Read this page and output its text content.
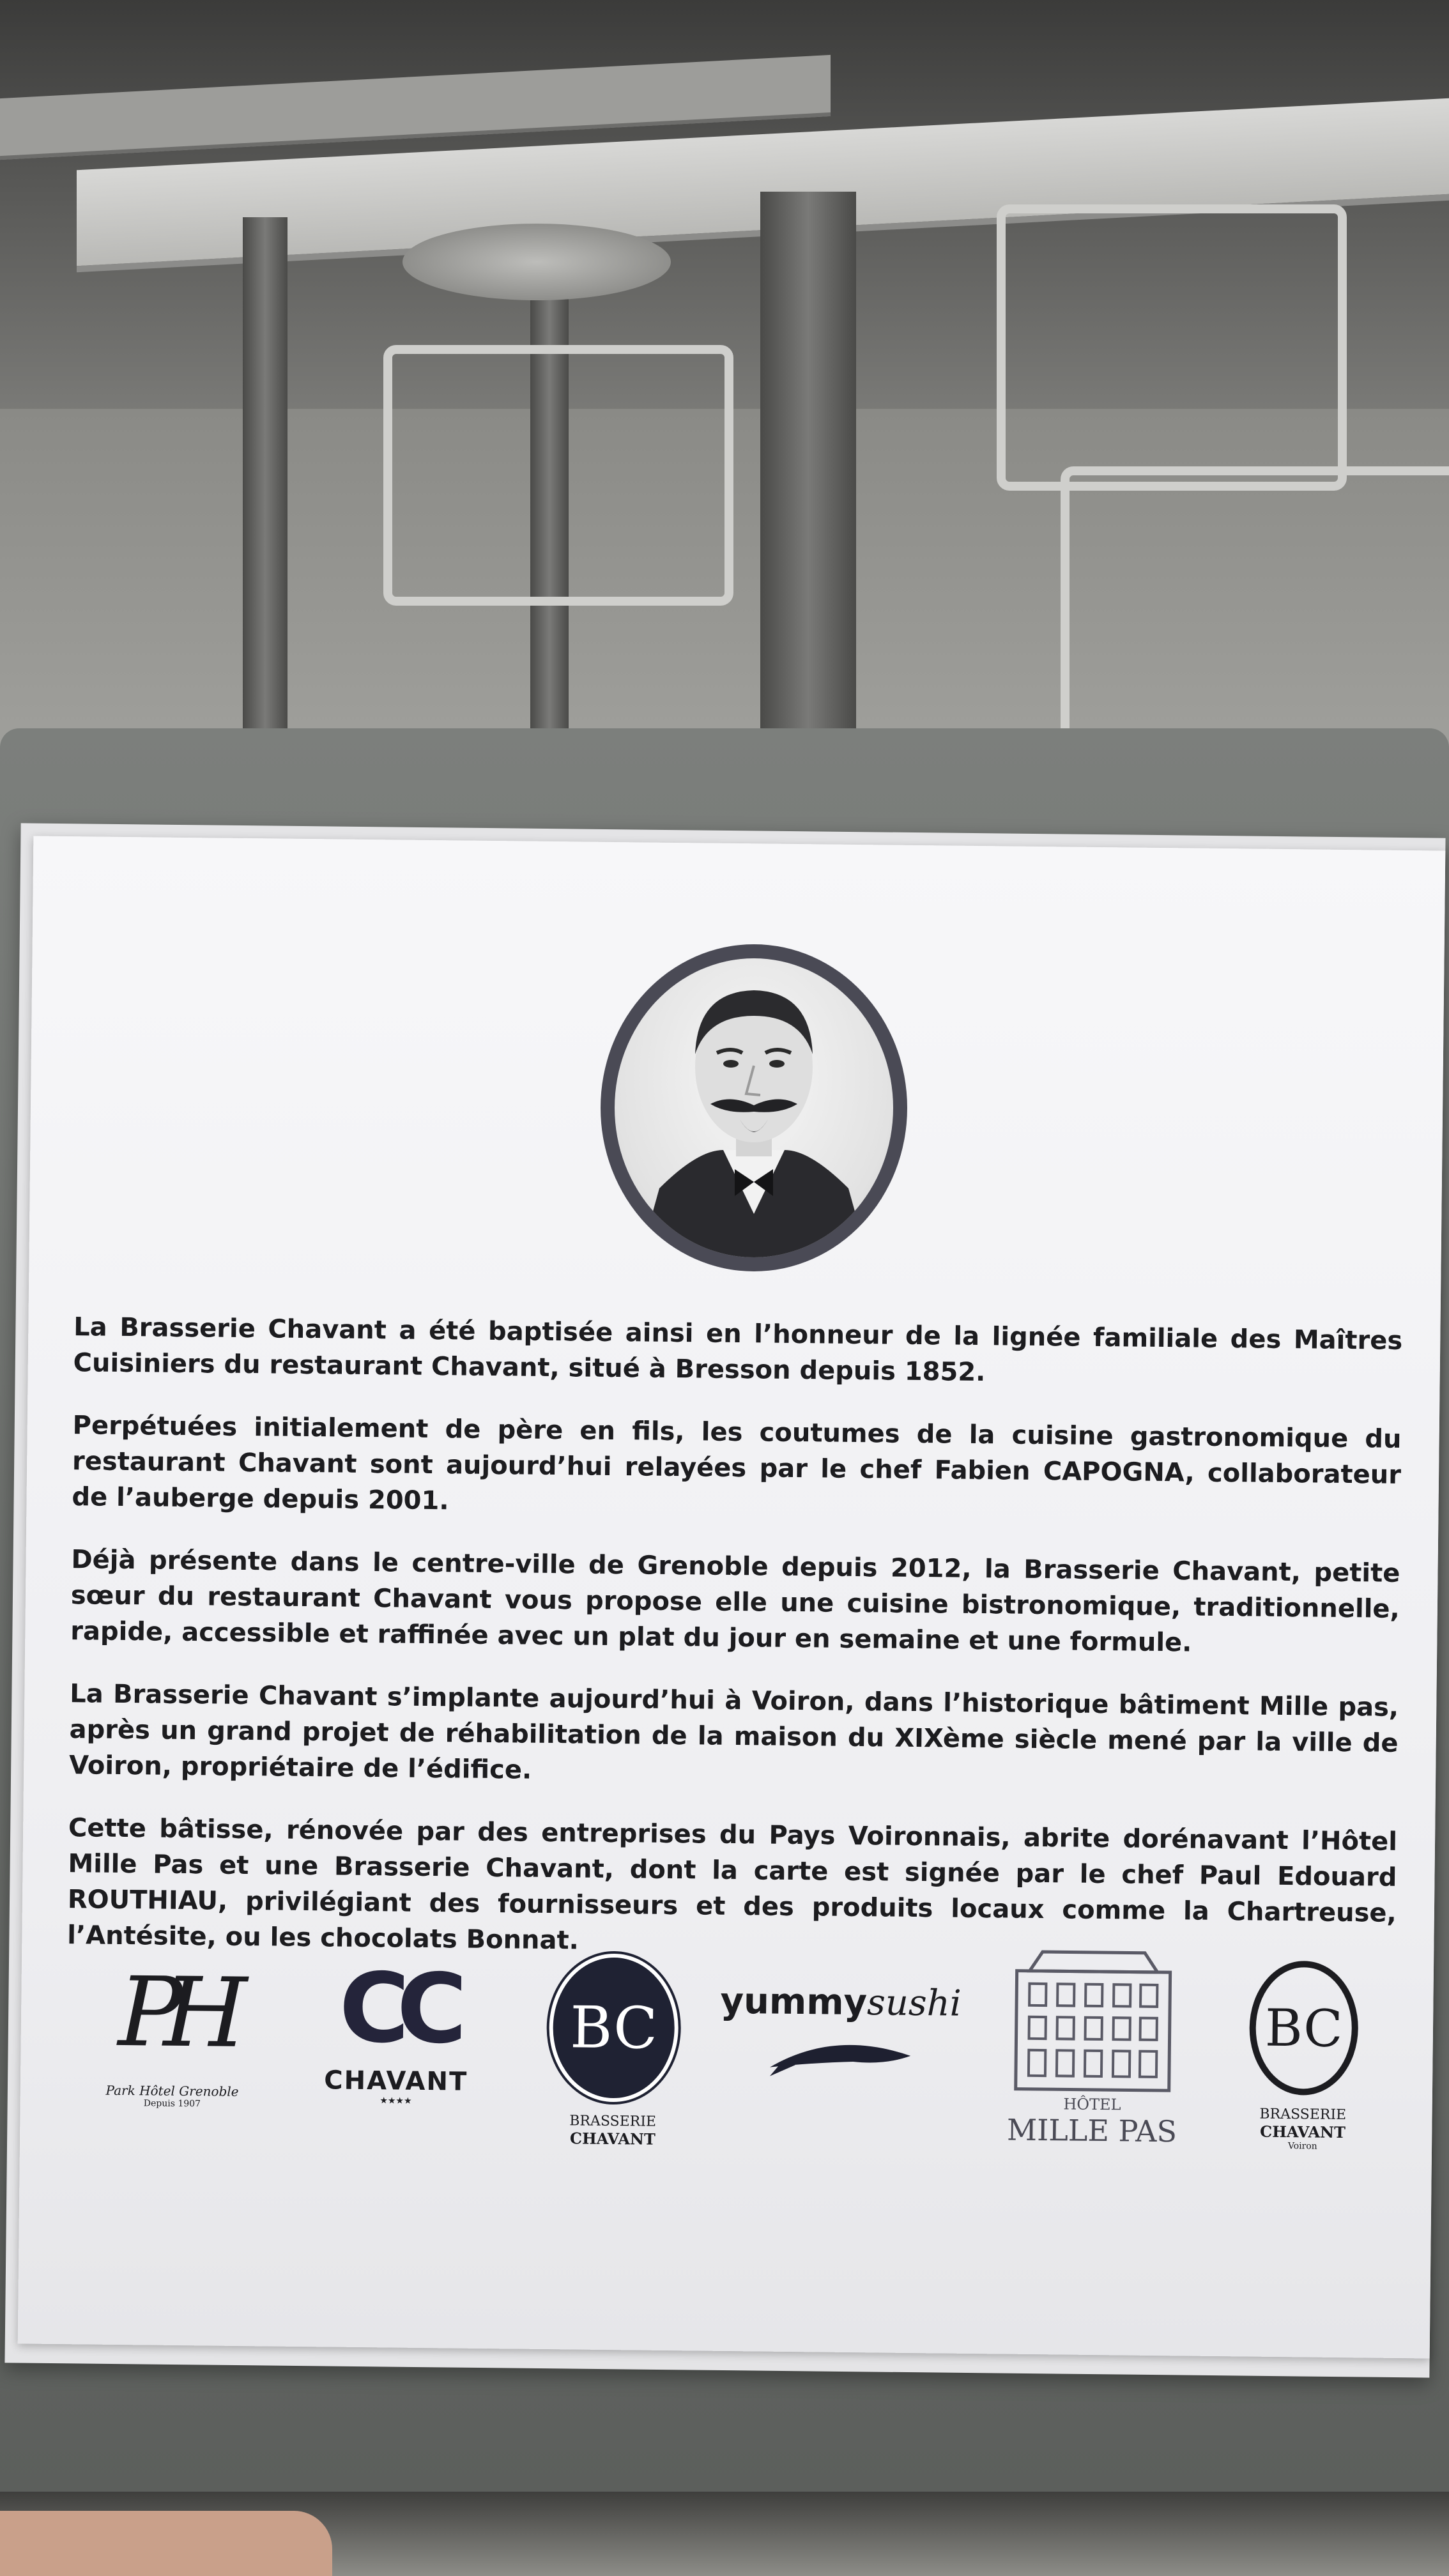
La Brasserie Chavant a été baptisée ainsi en l’honneur de la lignée familiale des Maîtres Cuisiniers du restaurant Chavant, situé à Bresson depuis 1852.

Perpétuées initialement de père en fils, les coutumes de la cuisine gastronomique du restaurant Chavant sont aujourd’hui relayées par le chef Fabien CAPOGNA, collaborateur de l’auberge depuis 2001.

Déjà présente dans le centre-ville de Grenoble depuis 2012, la Brasserie Chavant, petite sœur du restaurant Chavant vous propose elle une cuisine bistronomique, traditionnelle, rapide, accessible et raffinée avec un plat du jour en semaine et une formule.

La Brasserie Chavant s’implante aujourd’hui à Voiron, dans l’historique bâtiment Mille pas, après un grand projet de réhabilitation de la maison du XIXème siècle mené par la ville de Voiron, propriétaire de l’édifice.

Cette bâtisse, rénovée par des entreprises du Pays Voironnais, abrite dorénavant l’Hôtel Mille Pas et une Brasserie Chavant, dont la carte est signée par le chef Paul Edouard ROUTHIAU, privilégiant des fournisseurs et des produits locaux comme la Chartreuse, l’Antésite, ou les chocolats Bonnat.

PH
Park Hôtel Grenoble
Depuis 1907
CC
CHAVANT
★★★★
BC
BRASSERIE
CHAVANT
yummysushi
HÔTEL
MILLE PAS
BC
BRASSERIE
CHAVANT
Voiron
